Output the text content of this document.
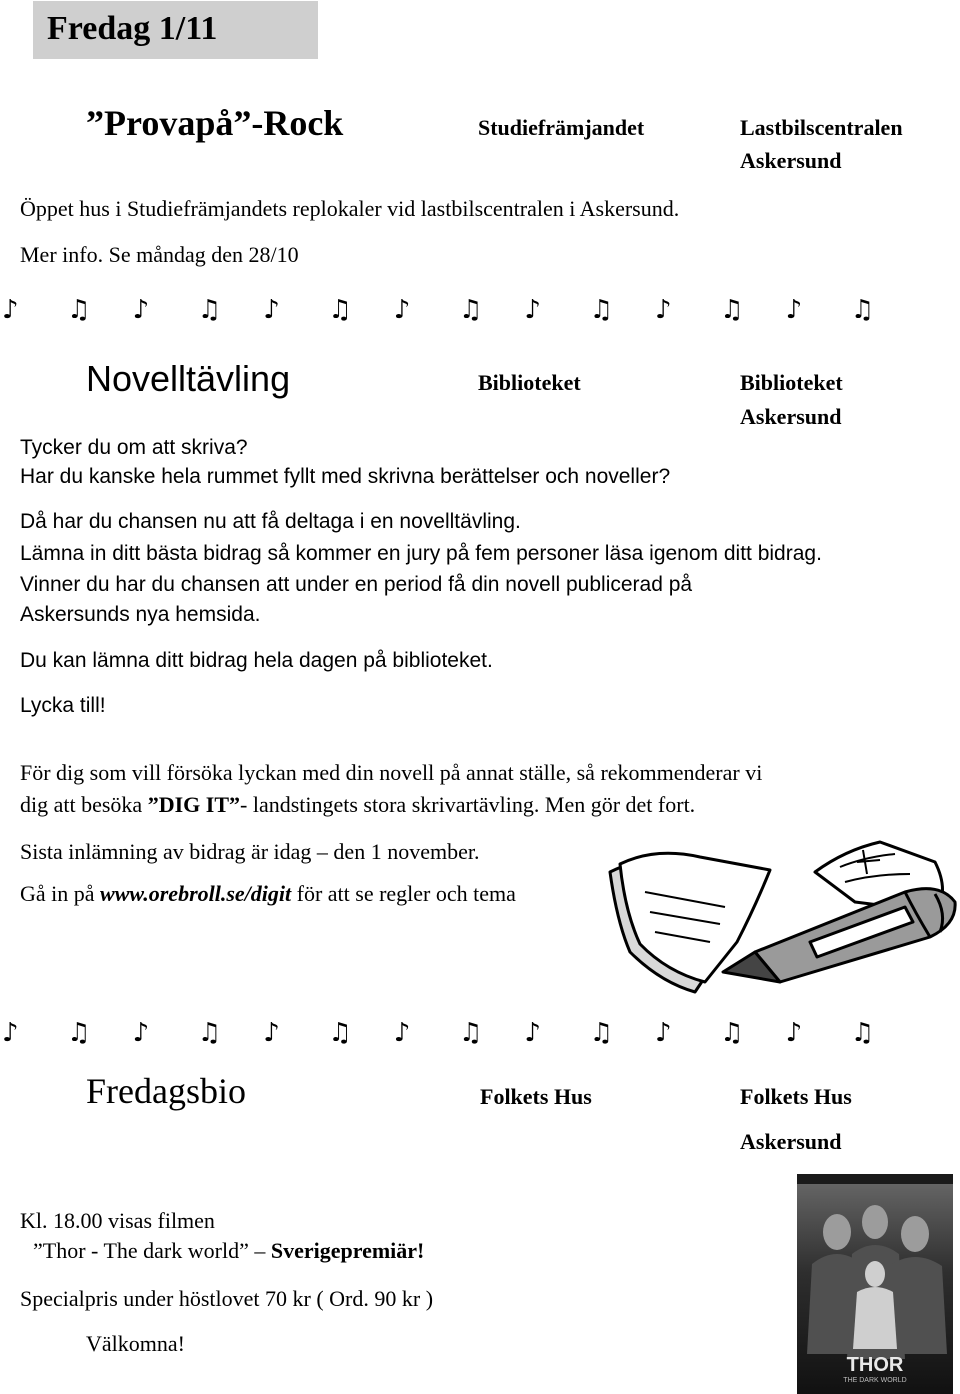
Fredag 1/11
”Provapå”-Rock	Studiefrämjandet	Lastbilscentralen
Askersund
Öppet hus i Studiefrämjandets replokaler vid lastbilscentralen i Askersund.
Mer info. Se måndag den 28/10
♪ ♫ ♪ ♫ ♪ ♫ ♪ ♫ ♪ ♫ ♪ ♫ ♪ ♫
Novelltävling	Biblioteket	Biblioteket
Askersund
Tycker du om att skriva?
Har du kanske hela rummet fyllt med skrivna berättelser och noveller?
Då har du chansen nu att få deltaga i en novelltävling.
Lämna in ditt bästa bidrag så kommer en jury på fem personer läsa igenom ditt bidrag.
Vinner du har du chansen att under en period få din novell publicerad på
Askersunds nya hemsida.
Du kan lämna ditt bidrag hela dagen på biblioteket.
Lycka till!
För dig som vill försöka lyckan med din novell på annat ställe, så rekommenderar vi
dig att besöka ”DIG IT”- landstingets stora skrivartävling. Men gör det fort.
Sista inlämning av bidrag är idag – den 1 november.
Gå in på www.orebroll.se/digit för att se regler och tema
♪ ♫ ♪ ♫ ♪ ♫ ♪ ♫ ♪ ♫ ♪ ♫ ♪ ♫
Fredagsbio	Folkets Hus	Folkets Hus
Askersund
Kl. 18.00 visas filmen
”Thor - The dark world” – Sverigepremiär!
Specialpris under höstlovet 70 kr ( Ord. 90 kr )
Välkomna!
THOR
THE DARK WORLD
